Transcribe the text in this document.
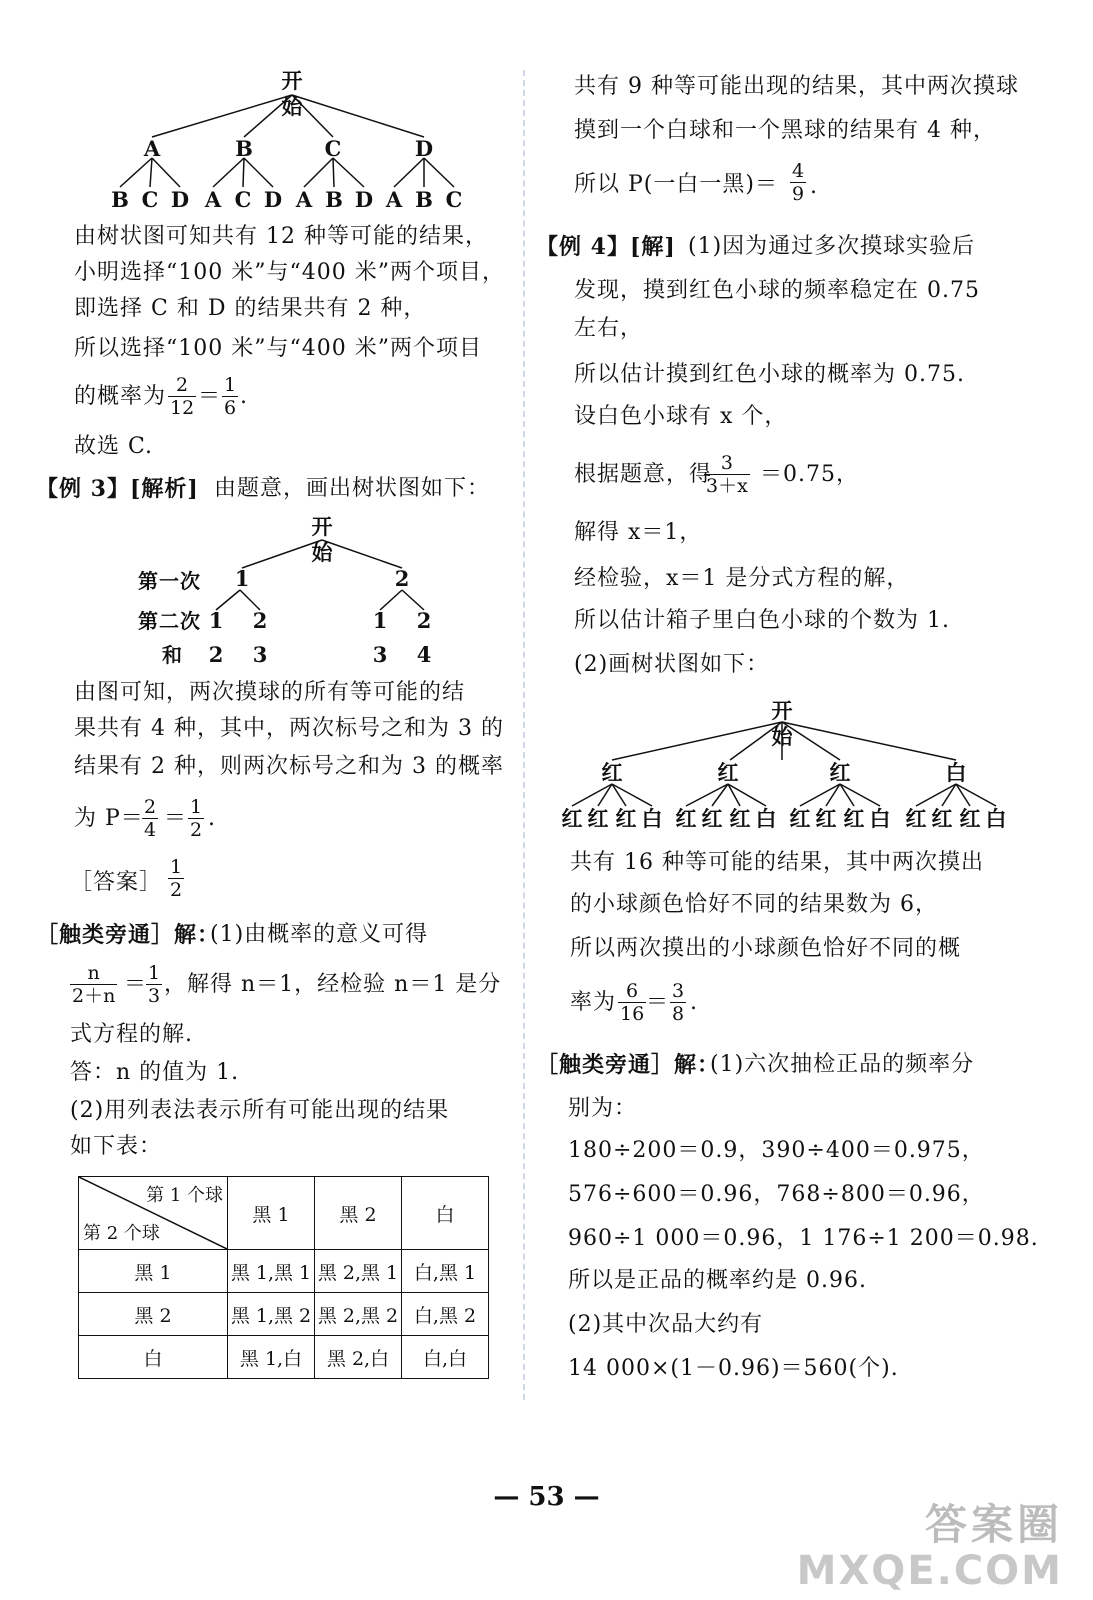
开始
A	B	C	D
B C D A C D A B D A B C
由树状图可知共有 12 种等可能的结果，
小明选择“100 米”与“400 米”两个项目，
即选择 C 和 D 的结果共有 2 种，
所以选择“100 米”与“400 米”两个项目
的概率为 $\frac{2}{12} = \frac{1}{6}$ .
故选 C.
【例 3】[解析] 由题意，画出树状图如下：
开始
第一次
第二次
和
1	2
1	2	1	2
2	3	3	4
由图可知，两次摸球的所有等可能的结
果共有 4 种，其中，两次标号之和为 3 的
结果有 2 种，则两次标号之和为 3 的概率
为 P＝
$\frac{2}{4} = \frac{1}{2}$ .
［答案］ $\frac{1}{2}$
［触类旁通］解：
(1)由概率的意义可得
$\frac{n}{2+n}$ ＝
$\frac{1}{3}$ ，解得 n＝1，经检验 n＝1 是分
式方程的解.
答：n 的值为 1.
(2)用列表法表示所有可能出现的结果
如下表：
第 1 个球
第 2 个球	黑 1	黑 2	白
黑 1	黑 1,黑 1	黑 2,黑 1	白,黑 1
黑 2	黑 1,黑 2	黑 2,黑 2	白,黑 2
白	黑 1,白	黑 2,白	白,白
共有 9 种等可能出现的结果，其中两次摸球
摸到一个白球和一个黑球的结果有 4 种，
所以 P(一白一黑)＝ $\frac{4}{9}$ .
【例 4】[解] (1)因为通过多次摸球实验后
发现，摸到红色小球的频率稳定在 0.75
左右，
所以估计摸到红色小球的概率为 0.75.
设白色小球有 x 个，
根据题意，得
$\frac{3}{3+x} =0.75$，
解得 x＝1，
经检验，x＝1 是分式方程的解，
所以估计箱子里白色小球的个数为 1.
(2)画树状图如下：
开始
红	红	红	白
红 红 红 白 红 红 红 白 红 红 红 白 红 红 红 白
共有 16 种等可能的结果，其中两次摸出
的小球颜色恰好不同的结果数为 6，
所以两次摸出的小球颜色恰好不同的概
率为 $\frac{6}{16} = \frac{3}{8}$ .
［触类旁通］解：
(1)六次抽检正品的频率分
别为：
180÷200＝0.9，390÷400＝0.975，
576÷600＝0.96，768÷800＝0.96，
960÷1 000＝0.96，1 176÷1 200＝0.98.
所以是正品的概率约是 0.96.
(2)其中次品大约有
14 000×(1－0.96)＝560(个).
— 53 —
答案圈
MXQE.COM
